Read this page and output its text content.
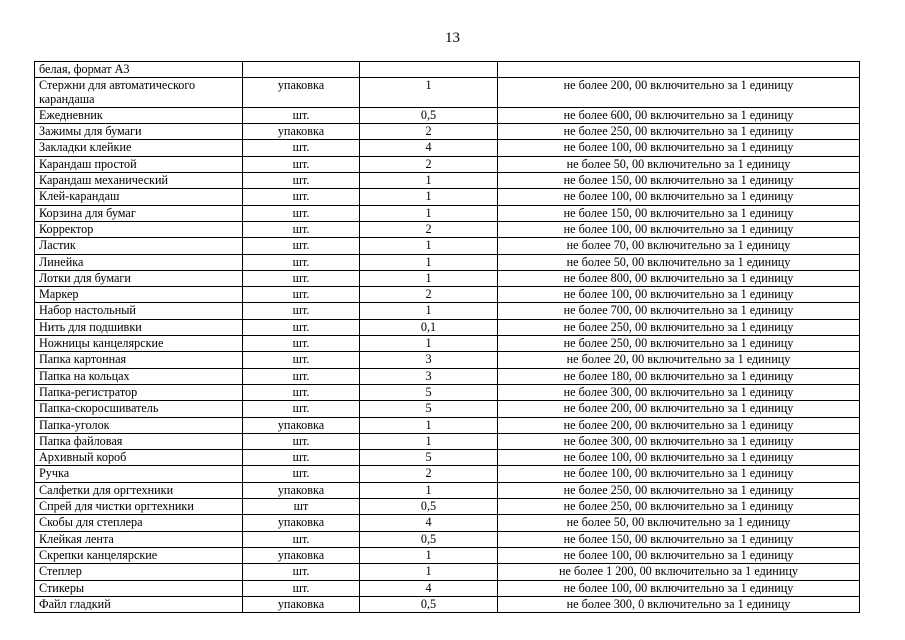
13
белая, формат А3			
Стержни для автоматического карандаша	упаковка	1	не более 200, 00 включительно за 1 единицу
Ежедневник	шт.	0,5	не более 600, 00 включительно за 1 единицу
Зажимы для бумаги	упаковка	2	не более 250, 00 включительно за 1 единицу
Закладки клейкие	шт.	4	не более 100, 00 включительно за 1 единицу
Карандаш простой	шт.	2	не более 50, 00 включительно за 1 единицу
Карандаш механический	шт.	1	не более 150, 00 включительно за 1 единицу
Клей-карандаш	шт.	1	не более 100, 00 включительно за 1 единицу
Корзина для бумаг	шт.	1	не более 150, 00 включительно за 1 единицу
Корректор	шт.	2	не более 100, 00 включительно за 1 единицу
Ластик	шт.	1	не более 70, 00 включительно за 1 единицу
Линейка	шт.	1	не более 50, 00 включительно за 1 единицу
Лотки для бумаги	шт.	1	не более 800, 00 включительно за 1 единицу
Маркер	шт.	2	не более 100, 00 включительно за 1 единицу
Набор настольный	шт.	1	не более 700, 00 включительно за 1 единицу
Нить для подшивки	шт.	0,1	не более 250, 00 включительно за 1 единицу
Ножницы канцелярские	шт.	1	не более 250, 00 включительно за 1 единицу
Папка картонная	шт.	3	не более 20, 00 включительно за 1 единицу
Папка на кольцах	шт.	3	не более 180, 00 включительно за 1 единицу
Папка-регистратор	шт.	5	не более 300, 00 включительно за 1 единицу
Папка-скоросшиватель	шт.	5	не более 200, 00 включительно за 1 единицу
Папка-уголок	упаковка	1	не более 200, 00 включительно за 1 единицу
Папка файловая	шт.	1	не более 300, 00 включительно за 1 единицу
Архивный короб	шт.	5	не более 100, 00 включительно за 1 единицу
Ручка	шт.	2	не более 100, 00 включительно за 1 единицу
Салфетки для оргтехники	упаковка	1	не более 250, 00 включительно за 1 единицу
Спрей для чистки оргтехники	шт	0,5	не более 250, 00 включительно за 1 единицу
Скобы для степлера	упаковка	4	не более 50, 00 включительно за 1 единицу
Клейкая лента	шт.	0,5	не более 150, 00 включительно за 1 единицу
Скрепки канцелярские	упаковка	1	не более 100, 00 включительно за 1 единицу
Степлер	шт.	1	не более 1 200, 00 включительно за 1 единицу
Стикеры	шт.	4	не более 100, 00 включительно за 1 единицу
Файл гладкий	упаковка	0,5	не более 300, 0 включительно за 1 единицу
